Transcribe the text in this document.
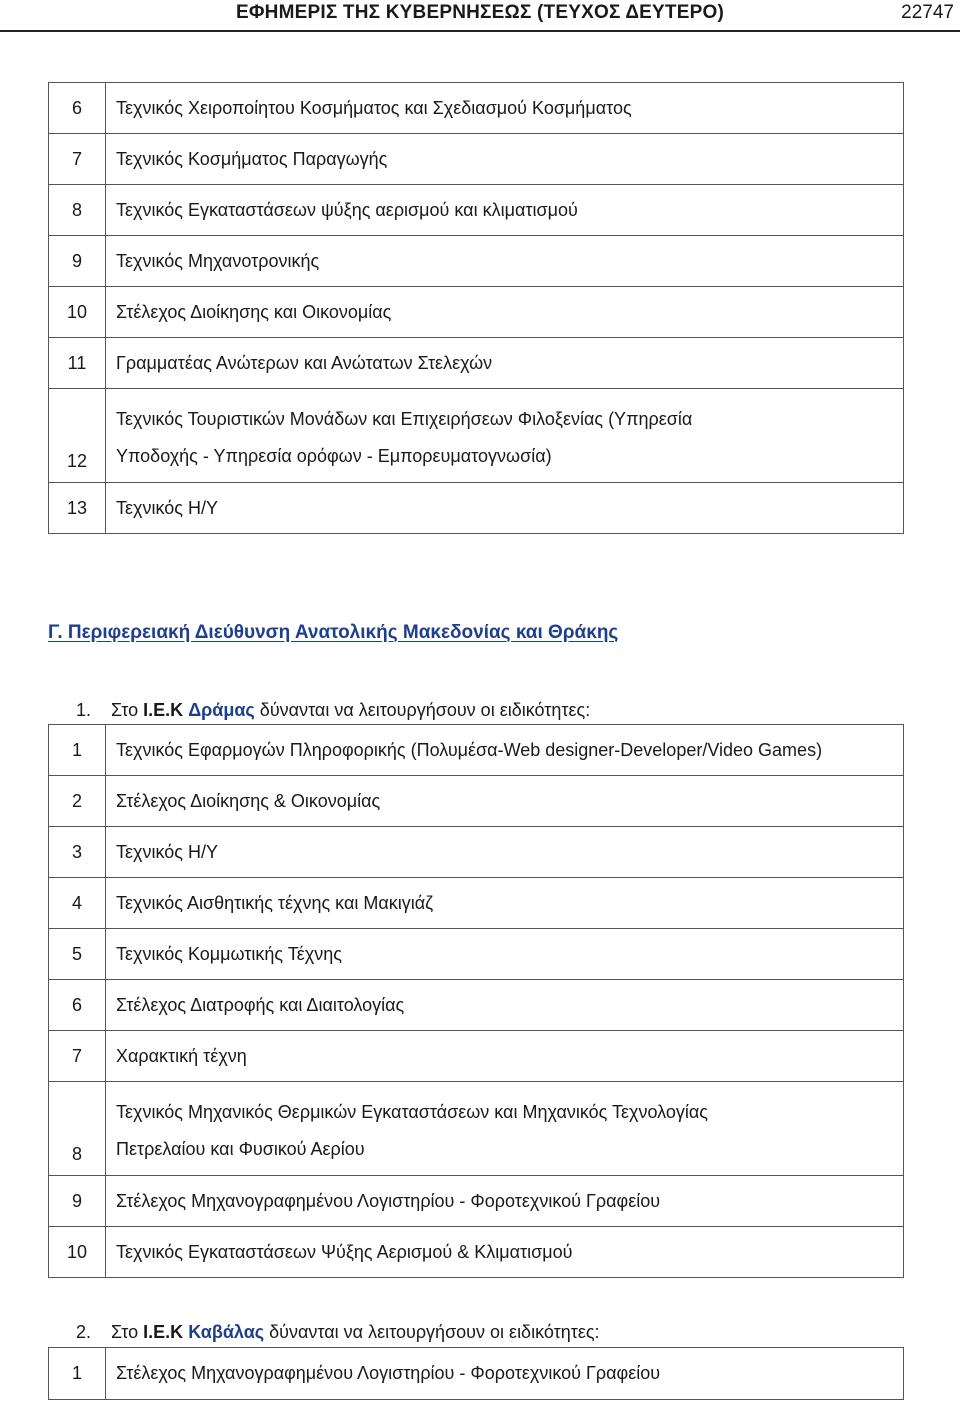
ΕΦΗΜΕΡΙΣ ΤΗΣ ΚΥΒΕΡΝΗΣΕΩΣ (ΤΕΥΧΟΣ ΔΕΥΤΕΡΟ)	22747
6	Τεχνικός Χειροποίητου Κοσμήματος και Σχεδιασμού Κοσμήματος
7	Τεχνικός Κοσμήματος Παραγωγής
8	Τεχνικός Εγκαταστάσεων ψύξης αερισμού και κλιματισμού
9	Τεχνικός Μηχανοτρονικής
10	Στέλεχος Διοίκησης και Οικονομίας
11	Γραμματέας Ανώτερων και Ανώτατων Στελεχών
12	Τεχνικός Τουριστικών Μονάδων και Επιχειρήσεων Φιλοξενίας (Υπηρεσία
Υποδοχής - Υπηρεσία ορόφων - Εμπορευματογνωσία)

13	Τεχνικός Η/Υ
Γ. Περιφερειακή Διεύθυνση Ανατολικής Μακεδονίας και Θράκης
1. Στο Ι.Ε.Κ Δράμας δύνανται να λειτουργήσουν οι ειδικότητες:
1	Τεχνικός Εφαρμογών Πληροφορικής (Πολυμέσα-Web designer-Developer/Video Games)
2	Στέλεχος Διοίκησης & Οικονομίας
3	Τεχνικός Η/Υ
4	Τεχνικός Αισθητικής τέχνης και Μακιγιάζ
5	Τεχνικός Κομμωτικής Τέχνης
6	Στέλεχος Διατροφής και Διαιτολογίας
7	Χαρακτική τέχνη
8	Τεχνικός Μηχανικός Θερμικών Εγκαταστάσεων και Μηχανικός Τεχνολογίας
Πετρελαίου και Φυσικού Αερίου

9	Στέλεχος Μηχανογραφημένου Λογιστηρίου - Φοροτεχνικού Γραφείου
10	Τεχνικός Εγκαταστάσεων Ψύξης Αερισμού & Κλιματισμού
2. Στο Ι.Ε.Κ Καβάλας δύνανται να λειτουργήσουν οι ειδικότητες:
1	Στέλεχος Μηχανογραφημένου Λογιστηρίου - Φοροτεχνικού Γραφείου
